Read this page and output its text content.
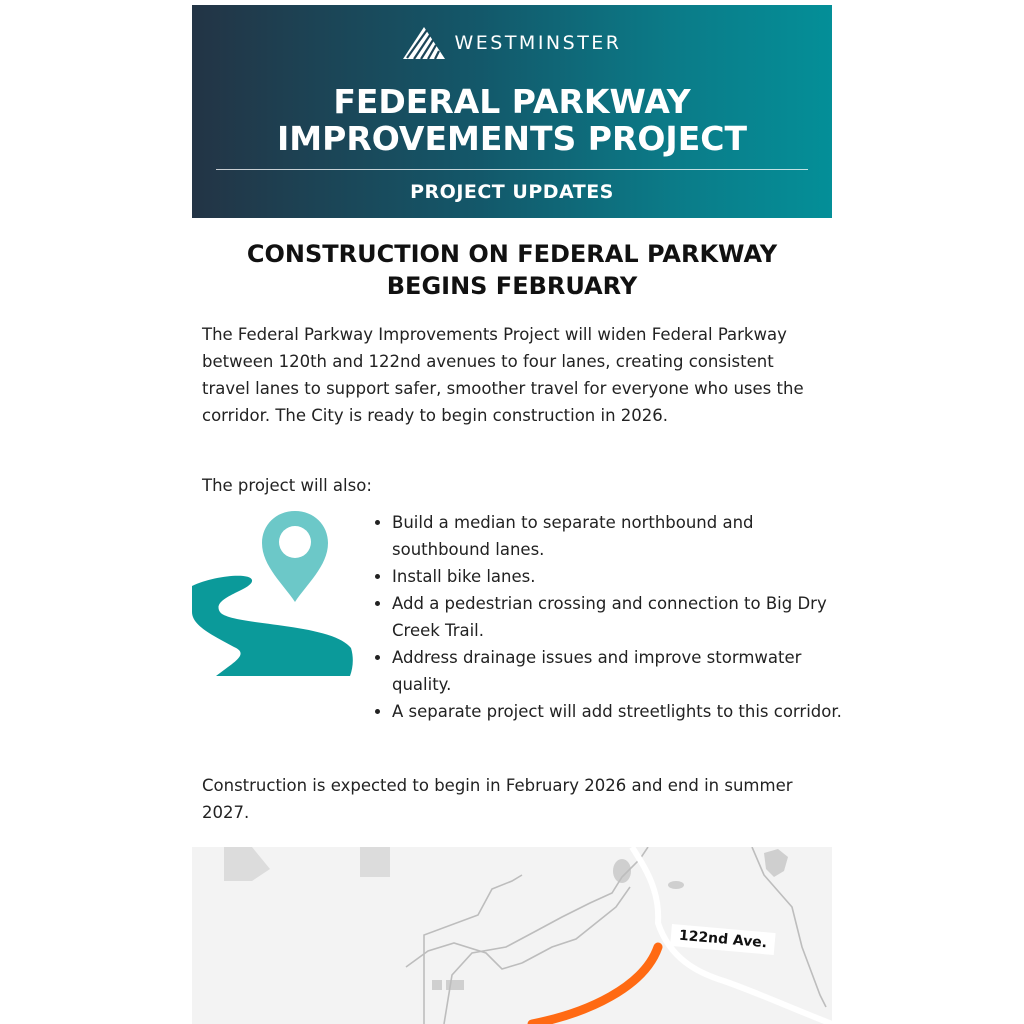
WESTMINSTER
FEDERAL PARKWAY
IMPROVEMENTS PROJECT
PROJECT UPDATES
CONSTRUCTION ON FEDERAL PARKWAY
BEGINS FEBRUARY

The Federal Parkway Improvements Project will widen Federal Parkway between 120th and 122nd avenues to four lanes, creating consistent travel lanes to support safer, smoother travel for everyone who uses the corridor. The City is ready to begin construction in 2026.

The project will also:

• Build a median to separate northbound and southbound lanes.
• Install bike lanes.
• Add a pedestrian crossing and connection to Big Dry Creek Trail.
• Address drainage issues and improve stormwater quality.
• A separate project will add streetlights to this corridor.

Construction is expected to begin in February 2026 and end in summer 2027.

122nd Ave.
